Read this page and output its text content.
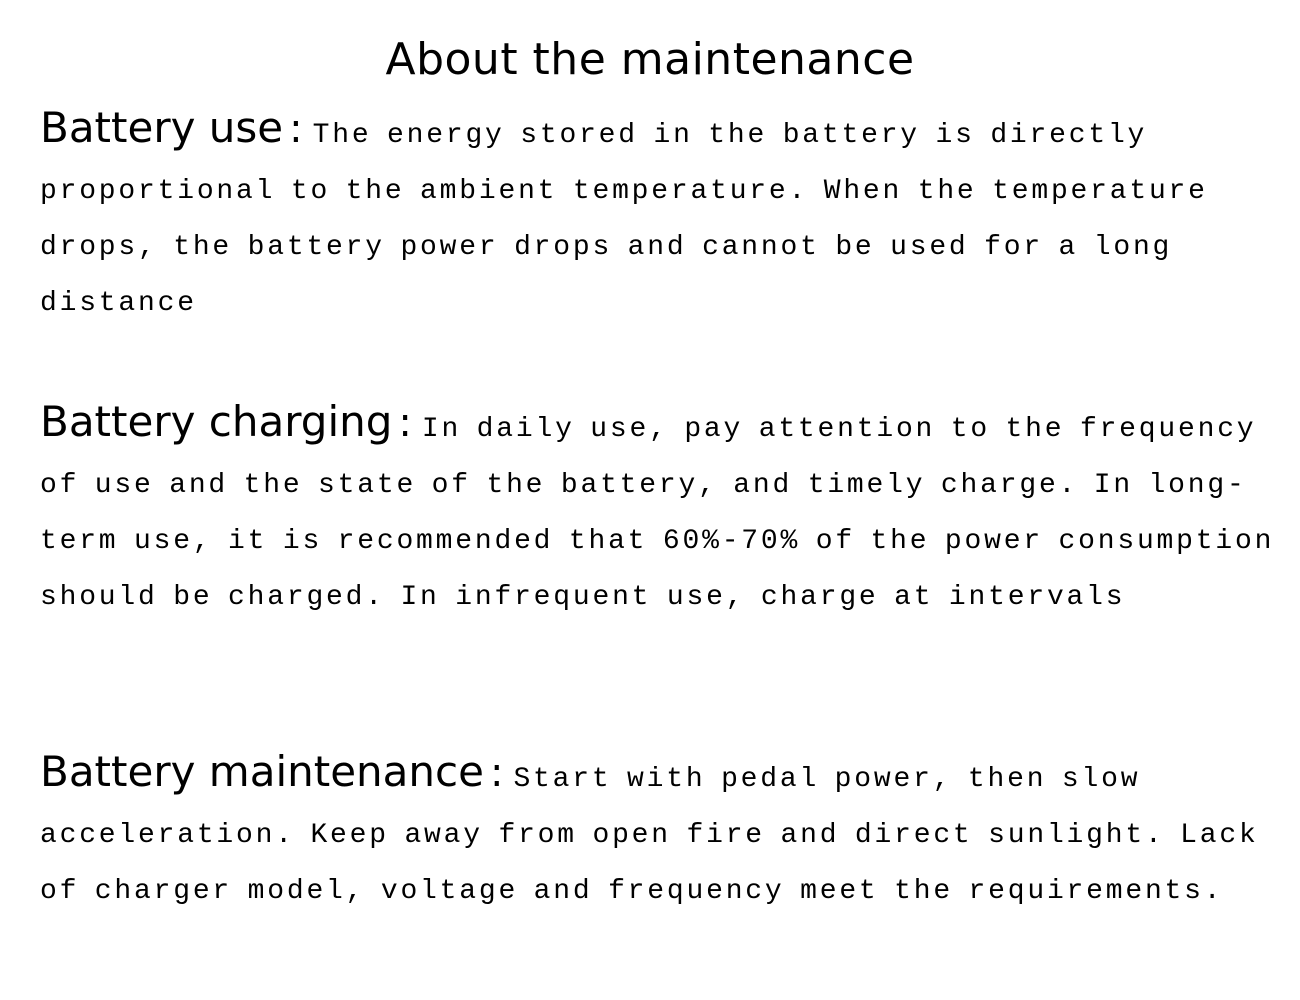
About the maintenance

Battery use : The energy stored in the battery is directly proportional to the ambient temperature. When the temperature drops, the battery power drops and cannot be used for a long distance

Battery charging : In daily use, pay attention to the frequency of use and the state of the battery, and timely charge. In long-term use, it is recommended that 60%-70% of the power consumption should be charged. In infrequent use, charge at intervals

Battery maintenance : Start with pedal power, then slow acceleration. Keep away from open fire and direct sunlight. Lack of charger model, voltage and frequency meet the requirements.
